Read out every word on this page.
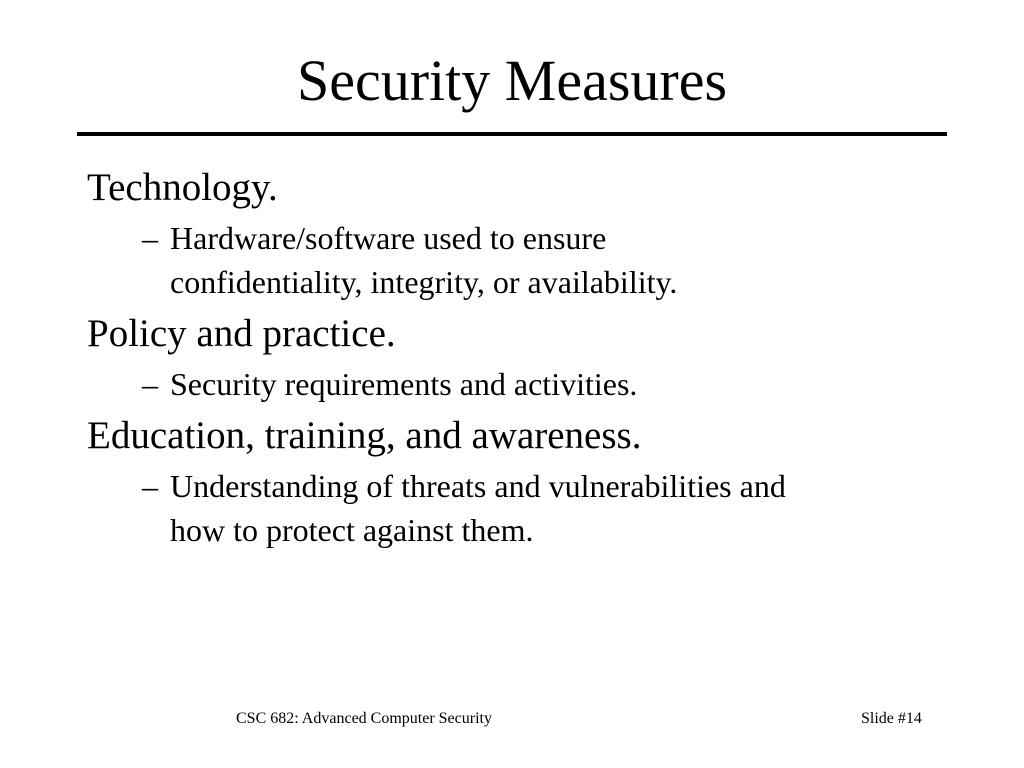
Security Measures

Technology.

– Hardware/software used to ensure
confidentiality, integrity, or availability.

Policy and practice.

– Security requirements and activities.

Education, training, and awareness.

– Understanding of threats and vulnerabilities and
how to protect against them.
CSC 682: Advanced Computer Security	Slide #14
